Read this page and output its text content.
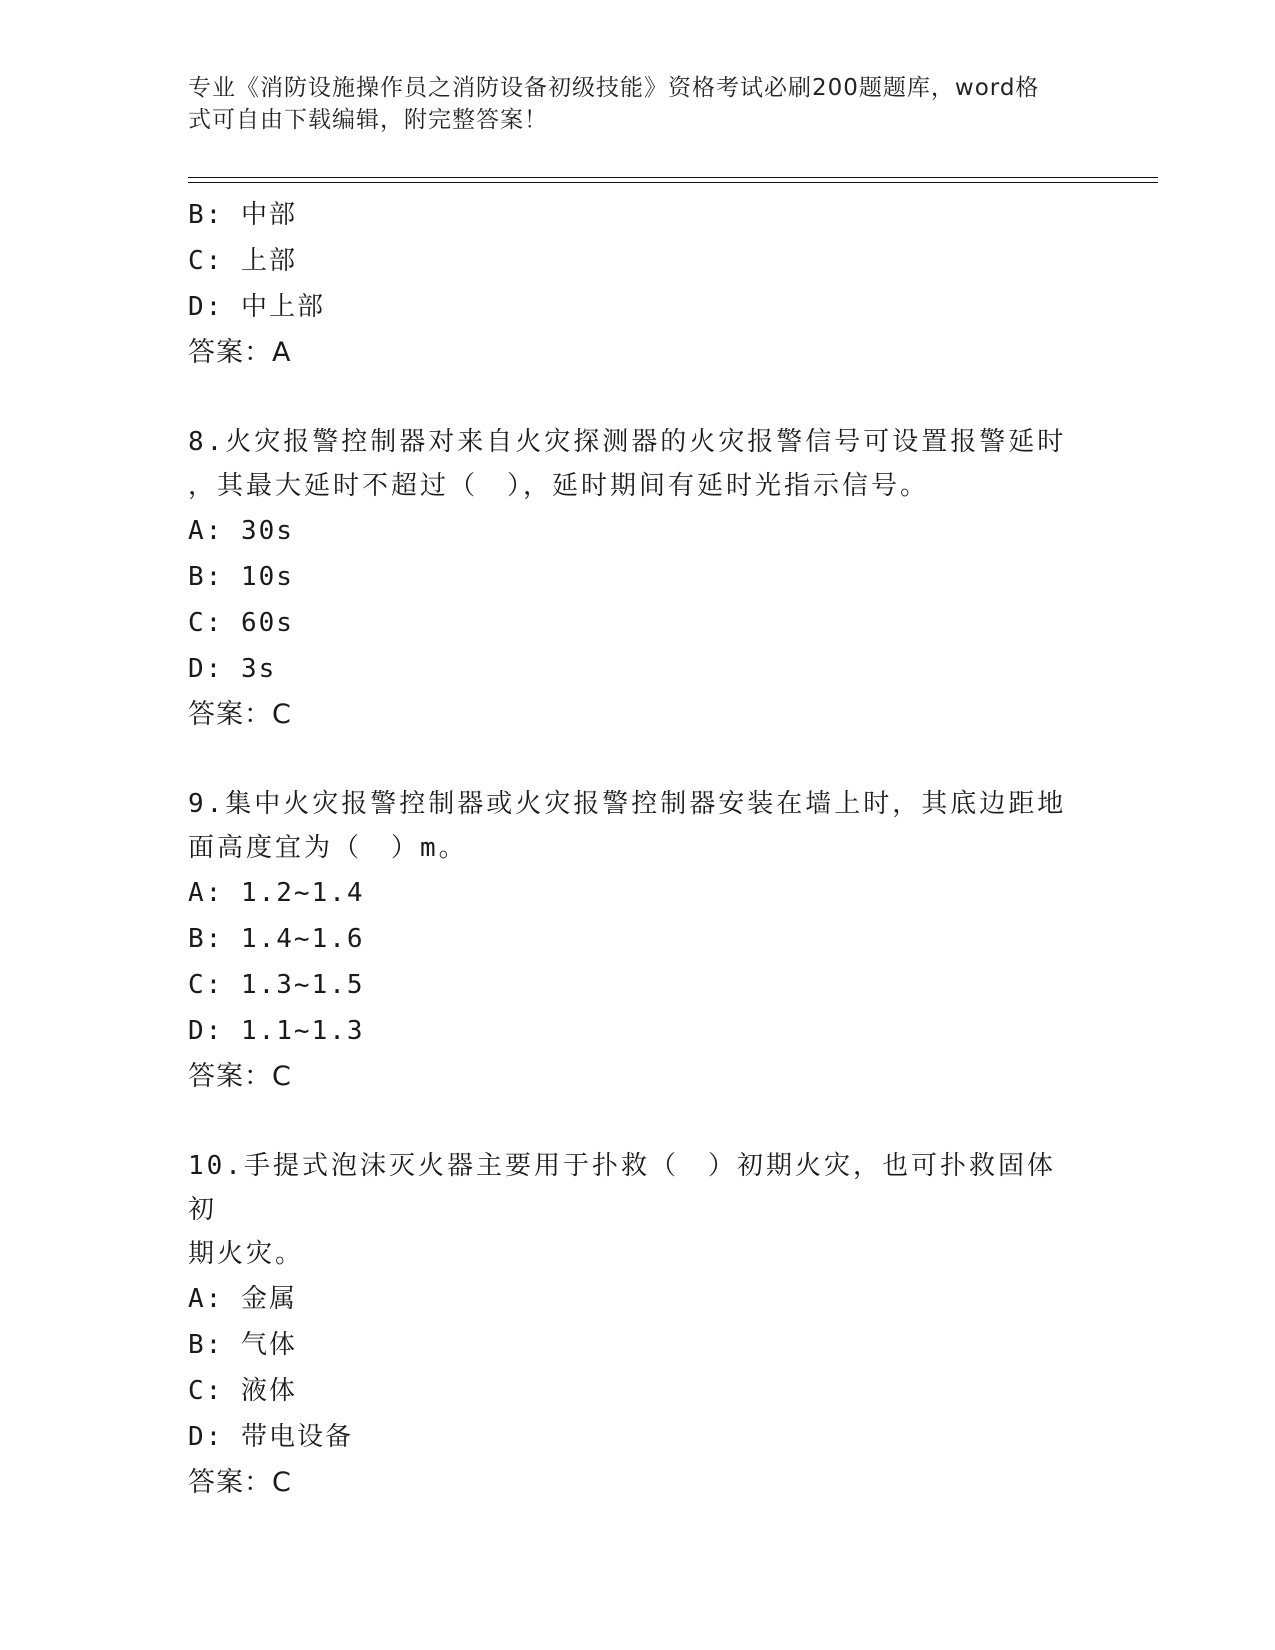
专业《消防设施操作员之消防设备初级技能》资格考试必刷200题题库，word格
式可自由下载编辑，附完整答案！
B: 中部
C: 上部
D: 中上部
答案：A
8.火灾报警控制器对来自火灾探测器的火灾报警信号可设置报警延时
，其最大延时不超过（　），延时期间有延时光指示信号。
A: 30s
B: 10s
C: 60s
D: 3s
答案：C
9.集中火灾报警控制器或火灾报警控制器安装在墙上时，其底边距地
面高度宜为（　）m。
A: 1.2~1.4
B: 1.4~1.6
C: 1.3~1.5
D: 1.1~1.3
答案：C
10.手提式泡沫灭火器主要用于扑救（　）初期火灾，也可扑救固体初
期火灾。
A: 金属
B: 气体
C: 液体
D: 带电设备
答案：C
